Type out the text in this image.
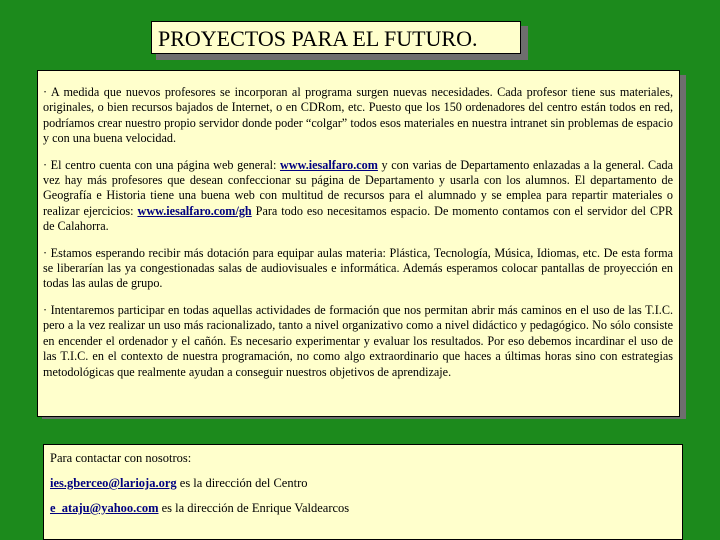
PROYECTOS PARA EL FUTURO.

· A medida que nuevos profesores se incorporan al programa surgen nuevas necesidades. Cada profesor tiene sus materiales, originales, o bien recursos bajados de Internet, o en CDRom, etc. Puesto que los 150 ordenadores del centro están todos en red, podríamos crear nuestro propio servidor donde poder “colgar” todos esos materiales en nuestra intranet sin problemas de espacio y con una buena velocidad.

· El centro cuenta con una página web general: www.iesalfaro.com y con varias de Departamento enlazadas a la general. Cada vez hay más profesores que desean confeccionar su página de Departamento y usarla con los alumnos. El departamento de Geografía e Historia tiene una buena web con multitud de recursos para el alumnado y se emplea para repartir materiales o realizar ejercicios: www.iesalfaro.com/gh Para todo eso necesitamos espacio. De momento contamos con el servidor del CPR de Calahorra.

· Estamos esperando recibir más dotación para equipar aulas materia: Plástica, Tecnología, Música, Idiomas, etc. De esta forma se liberarían las ya congestionadas salas de audiovisuales e informática. Además esperamos colocar pantallas de proyección en todas las aulas de grupo.

· Intentaremos participar en todas aquellas actividades de formación que nos permitan abrir más caminos en el uso de las T.I.C. pero a la vez realizar un uso más racionalizado, tanto a nivel organizativo como a nivel didáctico y pedagógico. No sólo consiste en encender el ordenador y el cañón. Es necesario experimentar y evaluar los resultados. Por eso debemos incardinar el uso de las T.I.C. en el contexto de nuestra programación, no como algo extraordinario que haces a últimas horas sino con estrategias metodológicas que realmente ayudan a conseguir nuestros objetivos de aprendizaje.

Para contactar con nosotros:
ies.gberceo@larioja.org es la dirección del Centro
e_ataju@yahoo.com es la dirección de Enrique Valdearcos
